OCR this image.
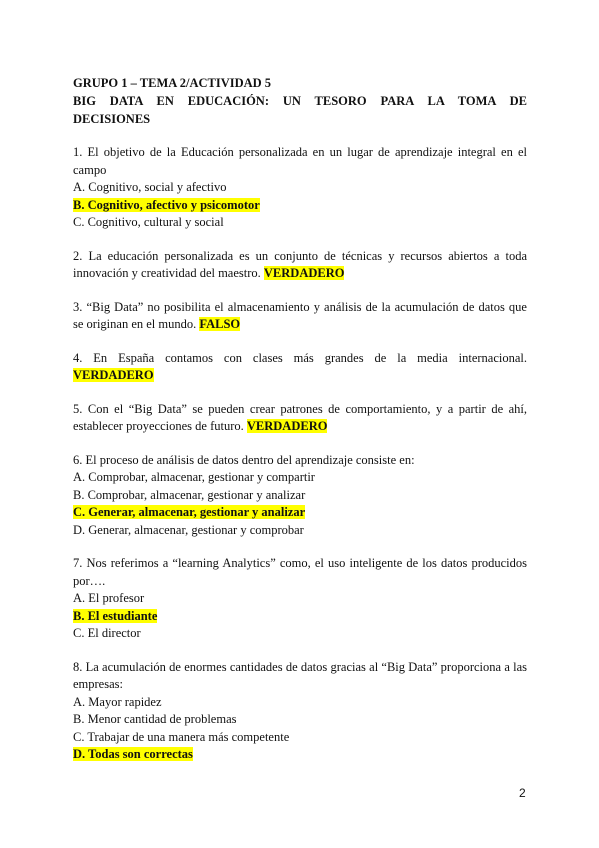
GRUPO 1 – TEMA 2/ACTIVIDAD 5
BIG DATA EN EDUCACIÓN: UN TESORO PARA LA TOMA DE
DECISIONES

1. El objetivo de la Educación personalizada en un lugar de aprendizaje integral en el campo

A. Cognitivo, social y afectivo

B. Cognitivo, afectivo y psicomotor

C. Cognitivo, cultural y social

2. La educación personalizada es un conjunto de técnicas y recursos abiertos a toda innovación y creatividad del maestro. VERDADERO

3. “Big Data” no posibilita el almacenamiento y análisis de la acumulación de datos que se originan en el mundo. FALSO

4. En España contamos con clases más grandes de la media internacional.

VERDADERO

5. Con el “Big Data” se pueden crear patrones de comportamiento, y a partir de ahí, establecer proyecciones de futuro. VERDADERO

6. El proceso de análisis de datos dentro del aprendizaje consiste en:

A. Comprobar, almacenar, gestionar y compartir

B. Comprobar, almacenar, gestionar y analizar

C. Generar, almacenar, gestionar y analizar

D. Generar, almacenar, gestionar y comprobar

7. Nos referimos a “learning Analytics” como, el uso inteligente de los datos producidos por….

A. El profesor

B. El estudiante

C. El director

8. La acumulación de enormes cantidades de datos gracias al “Big Data” proporciona a las empresas:

A. Mayor rapidez

B. Menor cantidad de problemas

C. Trabajar de una manera más competente

D. Todas son correctas

2
